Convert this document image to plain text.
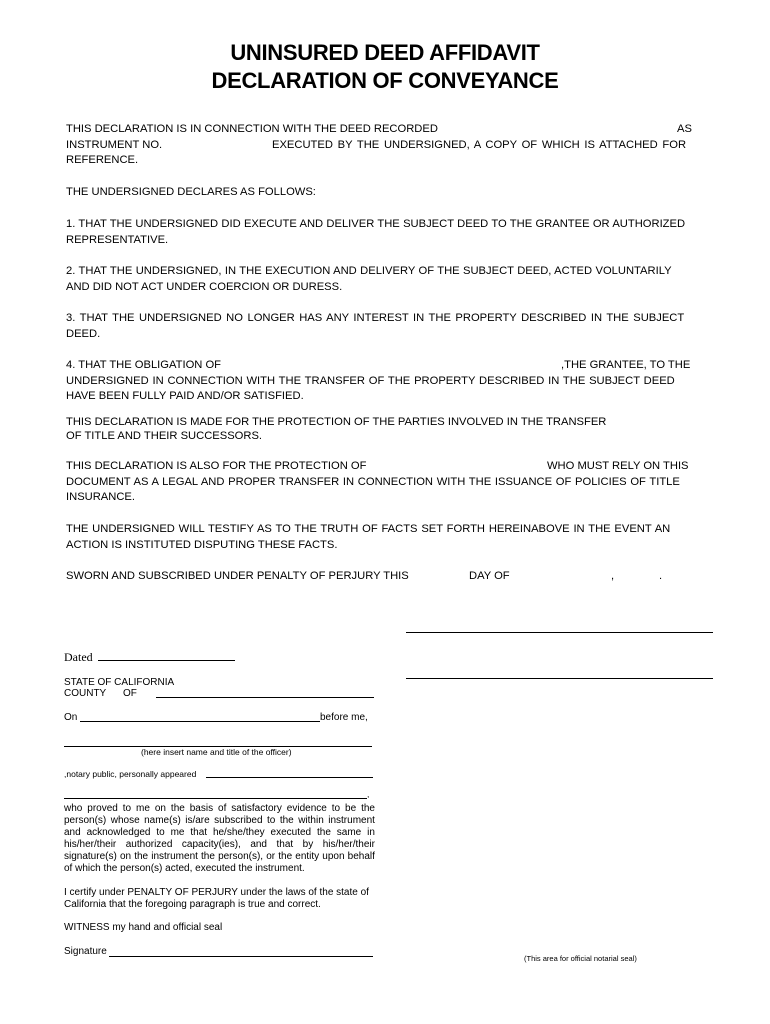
UNINSURED DEED AFFIDAVIT
DECLARATION OF CONVEYANCE
THIS DECLARATION IS IN CONNECTION WITH THE DEED RECORDED	AS
INSTRUMENT NO.	EXECUTED BY THE UNDERSIGNED, A COPY OF WHICH IS ATTACHED FOR
REFERENCE.
THE UNDERSIGNED DECLARES AS FOLLOWS:
1. THAT THE UNDERSIGNED DID EXECUTE AND DELIVER THE SUBJECT DEED TO THE GRANTEE OR AUTHORIZED
REPRESENTATIVE.
2. THAT THE UNDERSIGNED, IN THE EXECUTION AND DELIVERY OF THE SUBJECT DEED, ACTED VOLUNTARILY
AND DID NOT ACT UNDER COERCION OR DURESS.
3. THAT THE UNDERSIGNED NO LONGER HAS ANY INTEREST IN THE PROPERTY DESCRIBED IN THE SUBJECT
DEED.
4. THAT THE OBLIGATION OF	,THE GRANTEE, TO THE
UNDERSIGNED IN CONNECTION WITH THE TRANSFER OF THE PROPERTY DESCRIBED IN THE SUBJECT DEED
HAVE BEEN FULLY PAID AND/OR SATISFIED.
THIS DECLARATION IS MADE FOR THE PROTECTION OF THE PARTIES INVOLVED IN THE TRANSFER
OF TITLE AND THEIR SUCCESSORS.
THIS DECLARATION IS ALSO FOR THE PROTECTION OF	WHO MUST RELY ON THIS
DOCUMENT AS A LEGAL AND PROPER TRANSFER IN CONNECTION WITH THE ISSUANCE OF POLICIES OF TITLE
INSURANCE.
THE UNDERSIGNED WILL TESTIFY AS TO THE TRUTH OF FACTS SET FORTH HEREINABOVE IN THE EVENT AN
ACTION IS INSTITUTED DISPUTING THESE FACTS.
SWORN AND SUBSCRIBED UNDER PENALTY OF PERJURY THIS	DAY OF	,	.
Dated
STATE OF CALIFORNIA
COUNTY OF
On	before me,
(here insert name and title of the officer)
,notary public, personally appeared
,
who proved to me on the basis of satisfactory evidence to be the
person(s) whose name(s) is/are subscribed to the within instrument
and acknowledged to me that he/she/they executed the same in
his/her/their authorized capacity(ies), and that by his/her/their
signature(s) on the instrument the person(s), or the entity upon behalf
of which the person(s) acted, executed the instrument.
I certify under PENALTY OF PERJURY under the laws of the state of
California that the foregoing paragraph is true and correct.
WITNESS my hand and official seal
Signature
(This area for official notarial seal)
